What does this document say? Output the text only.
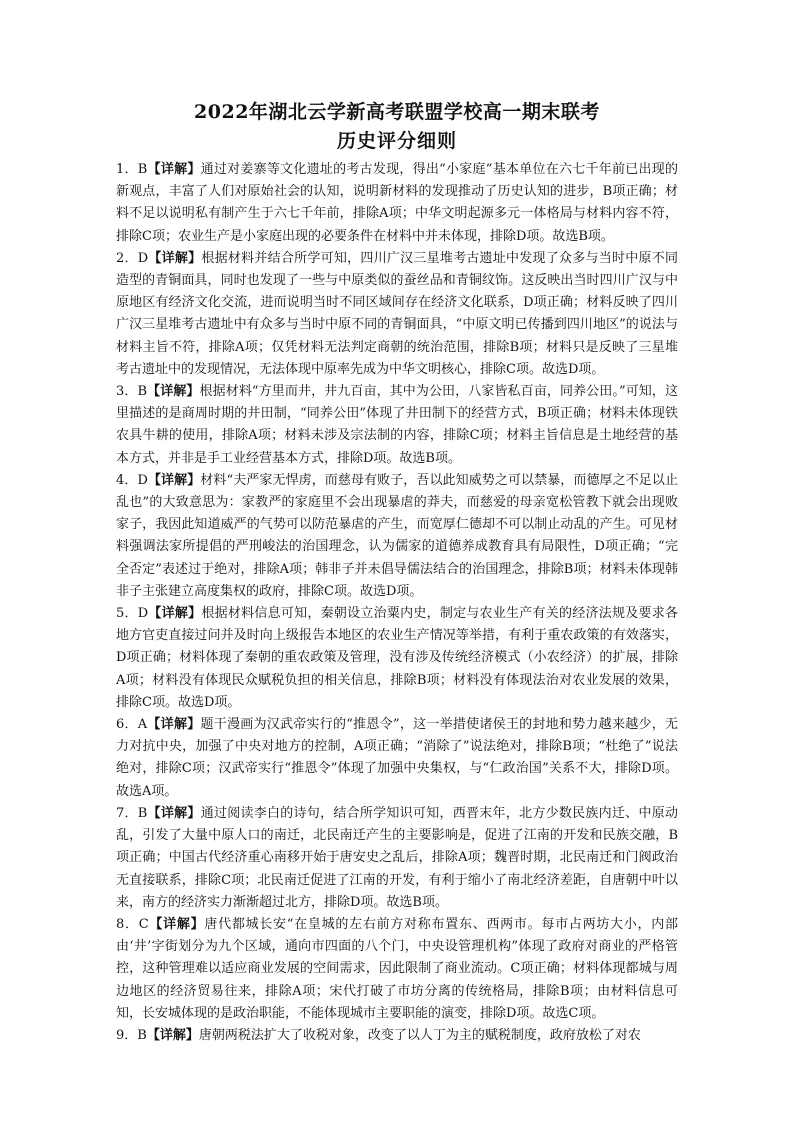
2022年湖北云学新高考联盟学校高一期末联考
历史评分细则

1．B【详解】通过对姜寨等文化遗址的考古发现，得出“小家庭”基本单位在六七千年前已出现的新观点，丰富了人们对原始社会的认知，说明新材料的发现推动了历史认知的进步，B项正确；材料不足以说明私有制产生于六七千年前，排除A项；中华文明起源多元一体格局与材料内容不符，排除C项；农业生产是小家庭出现的必要条件在材料中并未体现，排除D项。故选B项。

2．D【详解】根据材料并结合所学可知，四川广汉三星堆考古遗址中发现了众多与当时中原不同造型的青铜面具，同时也发现了一些与中原类似的蚕丝品和青铜纹饰。这反映出当时四川广汉与中原地区有经济文化交流，进而说明当时不同区域间存在经济文化联系，D项正确；材料反映了四川广汉三星堆考古遗址中有众多与当时中原不同的青铜面具，“中原文明已传播到四川地区”的说法与材料主旨不符，排除A项；仅凭材料无法判定商朝的统治范围，排除B项；材料只是反映了三星堆考古遗址中的发现情况，无法体现中原率先成为中华文明核心，排除C项。故选D项。

3．B【详解】根据材料“方里而井，井九百亩，其中为公田，八家皆私百亩，同养公田。”可知，这里描述的是商周时期的井田制，“同养公田”体现了井田制下的经营方式，B项正确；材料未体现铁农具牛耕的使用，排除A项；材料未涉及宗法制的内容，排除C项；材料主旨信息是土地经营的基本方式，并非是手工业经营基本方式，排除D项。故选B项。

4．D【详解】材料“夫严家无悍虏，而慈母有败子，吾以此知威势之可以禁暴，而德厚之不足以止乱也”的大致意思为：家教严的家庭里不会出现暴虐的莽夫，而慈爱的母亲宽松管教下就会出现败家子，我因此知道威严的气势可以防范暴虐的产生，而宽厚仁德却不可以制止动乱的产生。可见材料强调法家所提倡的严刑峻法的治国理念，认为儒家的道德养成教育具有局限性，D项正确；“完全否定”表述过于绝对，排除A项；韩非子并未倡导儒法结合的治国理念，排除B项；材料未体现韩非子主张建立高度集权的政府，排除C项。故选D项。

5．D【详解】根据材料信息可知，秦朝设立治粟内史，制定与农业生产有关的经济法规及要求各地方官吏直接过问并及时向上级报告本地区的农业生产情况等举措，有利于重农政策的有效落实，D项正确；材料体现了秦朝的重农政策及管理，没有涉及传统经济模式（小农经济）的扩展，排除A项；材料没有体现民众赋税负担的相关信息，排除B项；材料没有体现法治对农业发展的效果，排除C项。故选D项。

6．A【详解】题干漫画为汉武帝实行的“推恩令”，这一举措使诸侯王的封地和势力越来越少，无力对抗中央，加强了中央对地方的控制，A项正确；“消除了”说法绝对，排除B项；“杜绝了”说法绝对，排除C项；汉武帝实行“推恩令”体现了加强中央集权，与“仁政治国”关系不大，排除D项。故选A项。

7．B【详解】通过阅读李白的诗句，结合所学知识可知，西晋末年，北方少数民族内迁、中原动乱，引发了大量中原人口的南迁，北民南迁产生的主要影响是，促进了江南的开发和民族交融，B项正确；中国古代经济重心南移开始于唐安史之乱后，排除A项；魏晋时期，北民南迁和门阀政治无直接联系，排除C项；北民南迁促进了江南的开发，有利于缩小了南北经济差距，自唐朝中叶以来，南方的经济实力渐渐超过北方，排除D项。故选B项。

8．C【详解】唐代都城长安“在皇城的左右前方对称布置东、西两市。每市占两坊大小，内部由‘井’字街划分为九个区域，通向市四面的八个门，中央设管理机构”体现了政府对商业的严格管控，这种管理难以适应商业发展的空间需求，因此限制了商业流动。C项正确；材料体现都城与周边地区的经济贸易往来，排除A项；宋代打破了市坊分离的传统格局，排除B项；由材料信息可知，长安城体现的是政治职能，不能体现城市主要职能的演变，排除D项。故选C项。

9．B【详解】唐朝两税法扩大了收税对象，改变了以人丁为主的赋税制度，政府放松了对农
